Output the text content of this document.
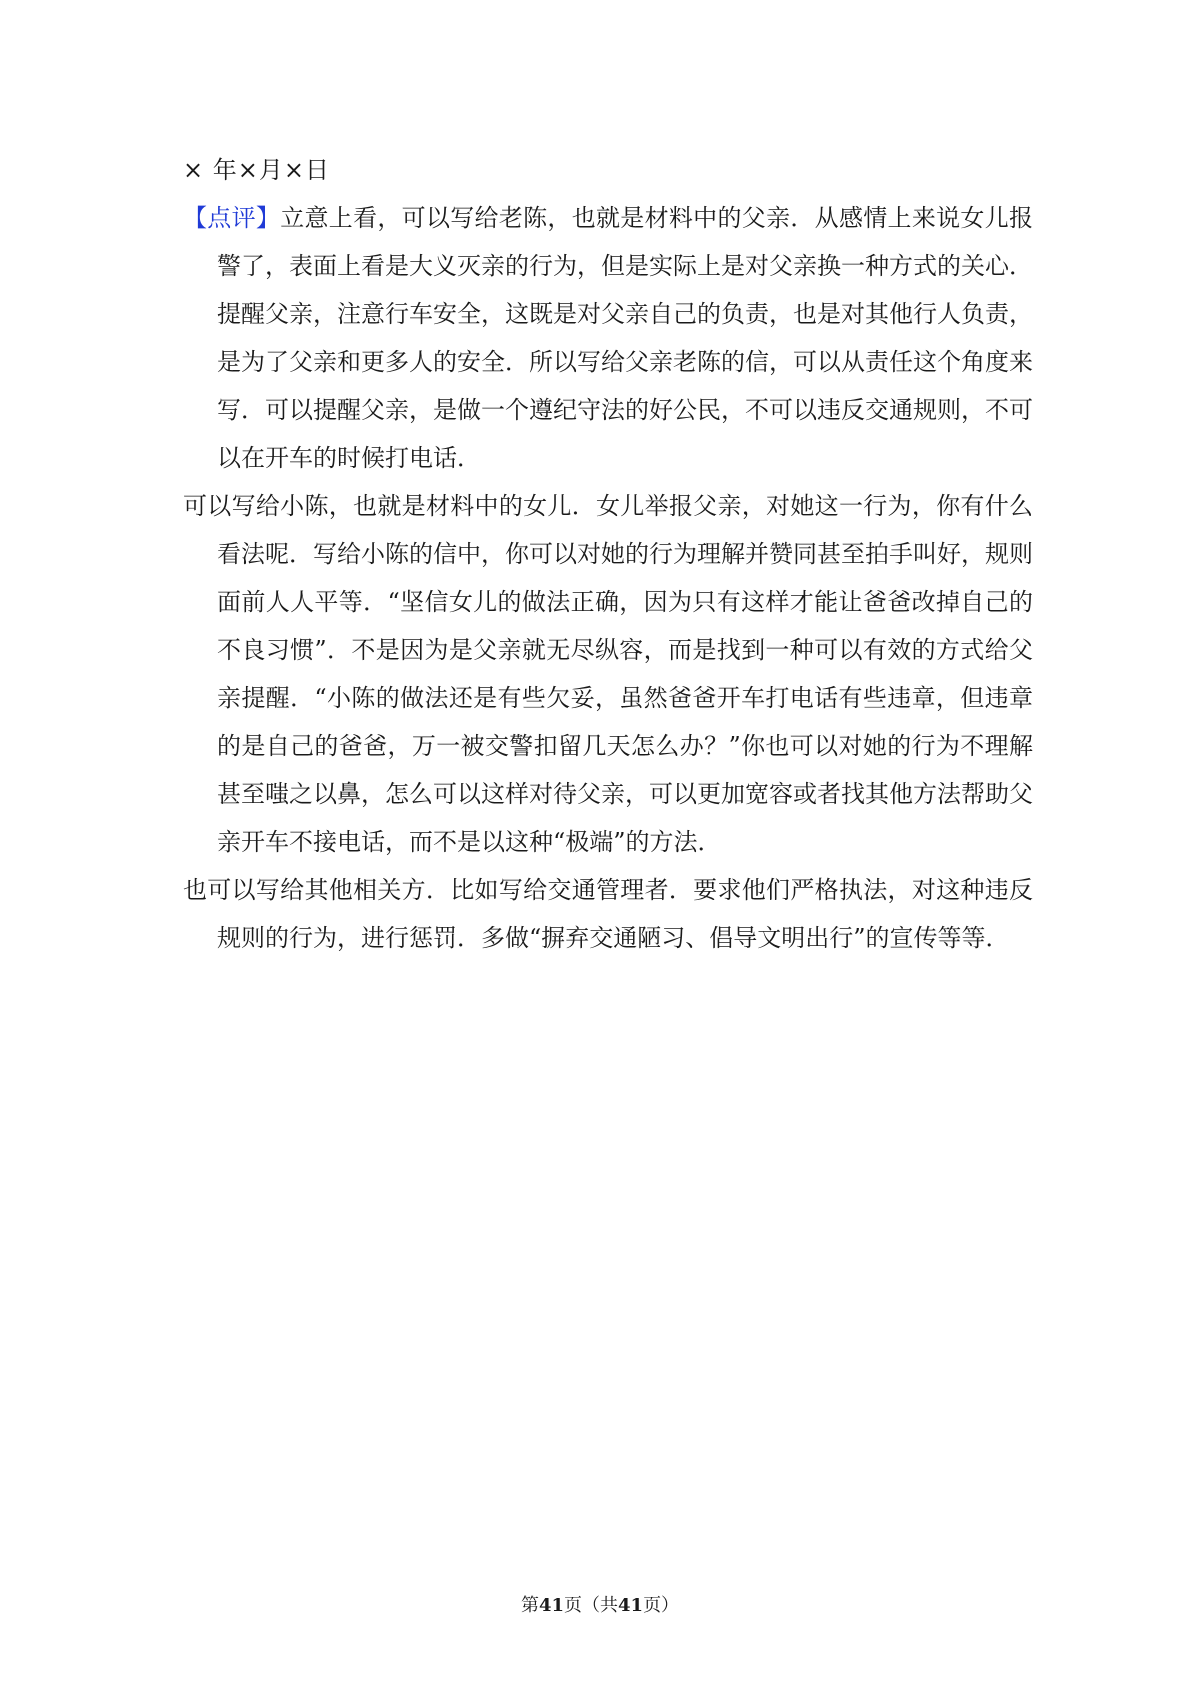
× 年×月×日

【点评】立意上看，可以写给老陈，也就是材料中的父亲．从感情上来说女儿报警了，表面上看是大义灭亲的行为，但是实际上是对父亲换一种方式的关心．提醒父亲，注意行车安全，这既是对父亲自己的负责，也是对其他行人负责，是为了父亲和更多人的安全．所以写给父亲老陈的信，可以从责任这个角度来写．可以提醒父亲，是做一个遵纪守法的好公民，不可以违反交通规则，不可以在开车的时候打电话．

可以写给小陈，也就是材料中的女儿．女儿举报父亲，对她这一行为，你有什么看法呢．写给小陈的信中，你可以对她的行为理解并赞同甚至拍手叫好，规则面前人人平等．“坚信女儿的做法正确，因为只有这样才能让爸爸改掉自己的不良习惯”．不是因为是父亲就无尽纵容，而是找到一种可以有效的方式给父亲提醒．“小陈的做法还是有些欠妥，虽然爸爸开车打电话有些违章，但违章的是自己的爸爸，万一被交警扣留几天怎么办？”你也可以对她的行为不理解甚至嗤之以鼻，怎么可以这样对待父亲，可以更加宽容或者找其他方法帮助父亲开车不接电话，而不是以这种“极端”的方法．

也可以写给其他相关方．比如写给交通管理者．要求他们严格执法，对这种违反规则的行为，进行惩罚．多做“摒弃交通陋习、倡导文明出行”的宣传等等．

第41页（共41页）
